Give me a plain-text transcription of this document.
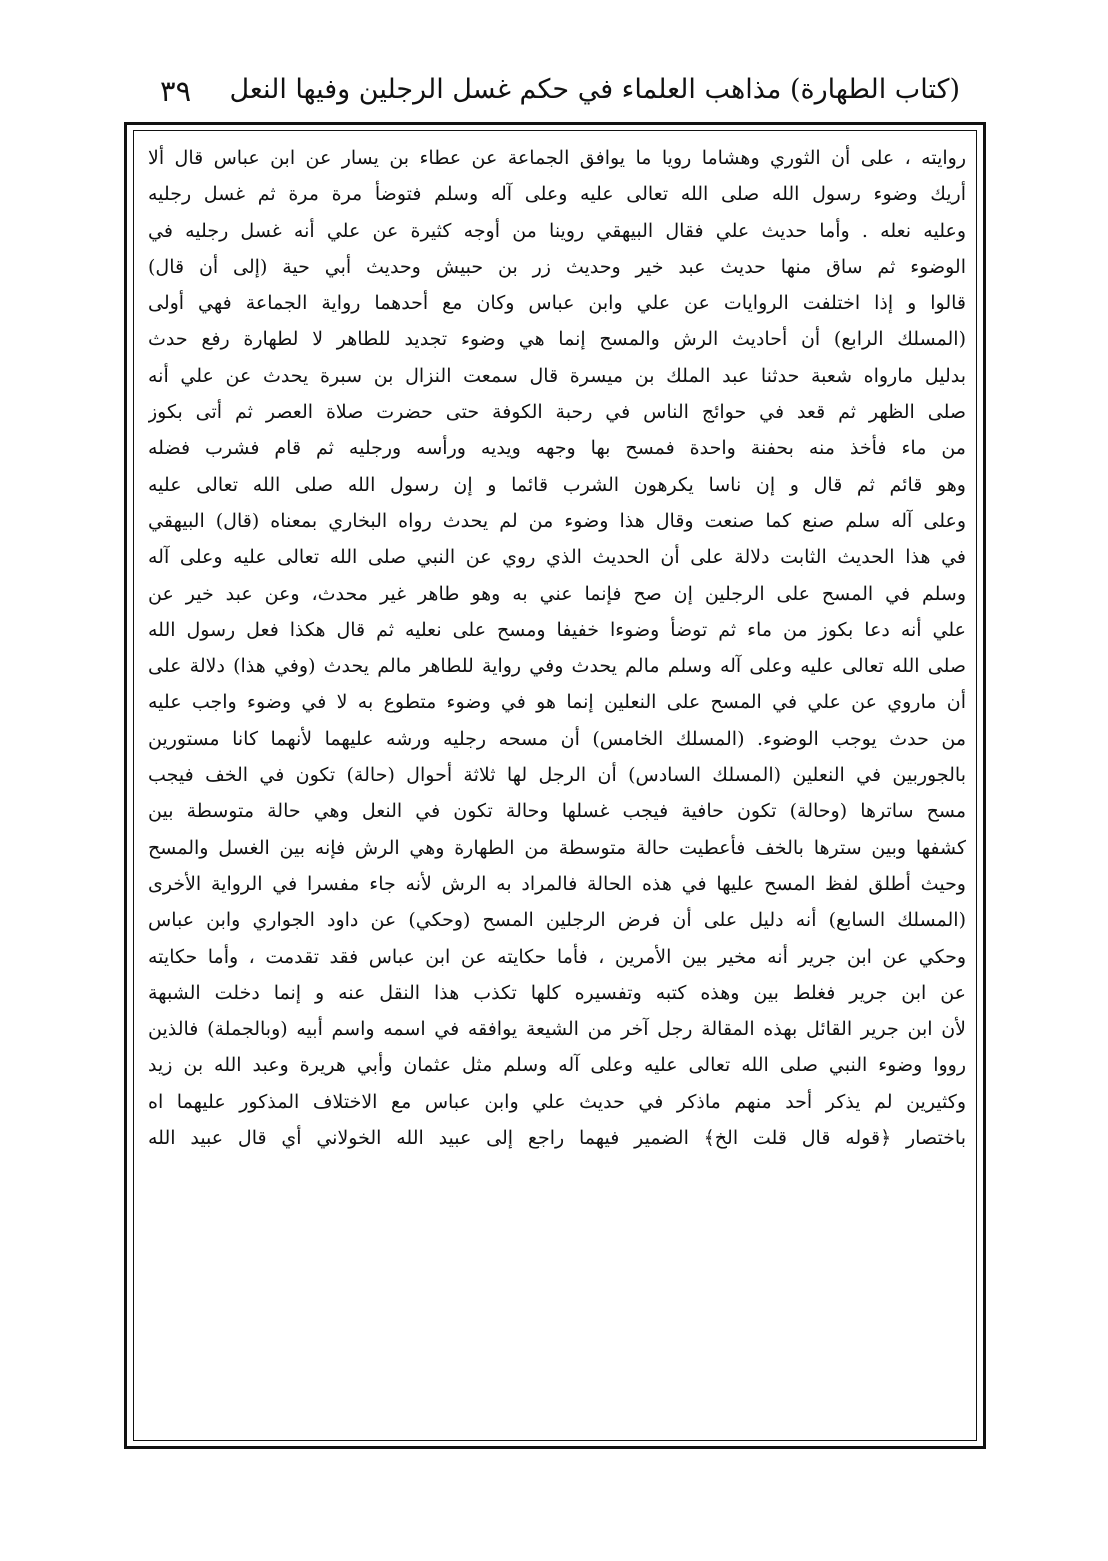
(كتاب الطهارة) مذاهب العلماء في حكم غسل الرجلين وفيها النعل
٣٩
روايته ، على أن الثوري وهشاما رويا ما يوافق الجماعة عن عطاء بن يسار عن ابن عباس قال ألا
أريك وضوء رسول الله صلى الله تعالى عليه وعلى آله وسلم فتوضأ مرة مرة ثم غسل رجليه
وعليه نعله . وأما حديث علي فقال البيهقي روينا من أوجه كثيرة عن علي أنه غسل رجليه في
الوضوء ثم ساق منها حديث عبد خير وحديث زر بن حبيش وحديث أبي حية (إلى أن قال)
قالوا و إذا اختلفت الروايات عن علي وابن عباس وكان مع أحدهما رواية الجماعة فهي أولى
(المسلك الرابع) أن أحاديث الرش والمسح إنما هي وضوء تجديد للطاهر لا لطهارة رفع حدث
بدليل مارواه شعبة حدثنا عبد الملك بن ميسرة قال سمعت النزال بن سبرة يحدث عن علي أنه
صلى الظهر ثم قعد في حوائج الناس في رحبة الكوفة حتى حضرت صلاة العصر ثم أتى بكوز
من ماء فأخذ منه بحفنة واحدة فمسح بها وجهه ويديه ورأسه ورجليه ثم قام فشرب فضله
وهو قائم ثم قال و إن ناسا يكرهون الشرب قائما و إن رسول الله صلى الله تعالى عليه
وعلى آله سلم صنع كما صنعت وقال هذا وضوء من لم يحدث رواه البخاري بمعناه (قال) البيهقي
في هذا الحديث الثابت دلالة على أن الحديث الذي روي عن النبي صلى الله تعالى عليه وعلى آله
وسلم في المسح على الرجلين إن صح فإنما عني به وهو طاهر غير محدث، وعن عبد خير عن
علي أنه دعا بكوز من ماء ثم توضأ وضوءا خفيفا ومسح على نعليه ثم قال هكذا فعل رسول الله
صلى الله تعالى عليه وعلى آله وسلم مالم يحدث وفي رواية للطاهر مالم يحدث (وفي هذا) دلالة على
أن ماروي عن علي في المسح على النعلين إنما هو في وضوء متطوع به لا في وضوء واجب عليه
من حدث يوجب الوضوء. (المسلك الخامس) أن مسحه رجليه ورشه عليهما لأنهما كانا مستورين
بالجوربين في النعلين (المسلك السادس) أن الرجل لها ثلاثة أحوال (حالة) تكون في الخف فيجب
مسح ساترها (وحالة) تكون حافية فيجب غسلها وحالة تكون في النعل وهي حالة متوسطة بين
كشفها وبين سترها بالخف فأعطيت حالة متوسطة من الطهارة وهي الرش فإنه بين الغسل والمسح
وحيث أطلق لفظ المسح عليها في هذه الحالة فالمراد به الرش لأنه جاء مفسرا في الرواية الأخرى
(المسلك السابع) أنه دليل على أن فرض الرجلين المسح (وحكي) عن داود الجواري وابن عباس
وحكي عن ابن جرير أنه مخير بين الأمرين ، فأما حكايته عن ابن عباس فقد تقدمت ، وأما حكايته
عن ابن جرير فغلط بين وهذه كتبه وتفسيره كلها تكذب هذا النقل عنه و إنما دخلت الشبهة
لأن ابن جرير القائل بهذه المقالة رجل آخر من الشيعة يوافقه في اسمه واسم أبيه (وبالجملة) فالذين
رووا وضوء النبي صلى الله تعالى عليه وعلى آله وسلم مثل عثمان وأبي هريرة وعبد الله بن زيد
وكثيرين لم يذكر أحد منهم ماذكر في حديث علي وابن عباس مع الاختلاف المذكور عليهما اه
باختصار ﴿قوله قال قلت الخ﴾ الضمير فيهما راجع إلى عبيد الله الخولاني أي قال عبيد الله
